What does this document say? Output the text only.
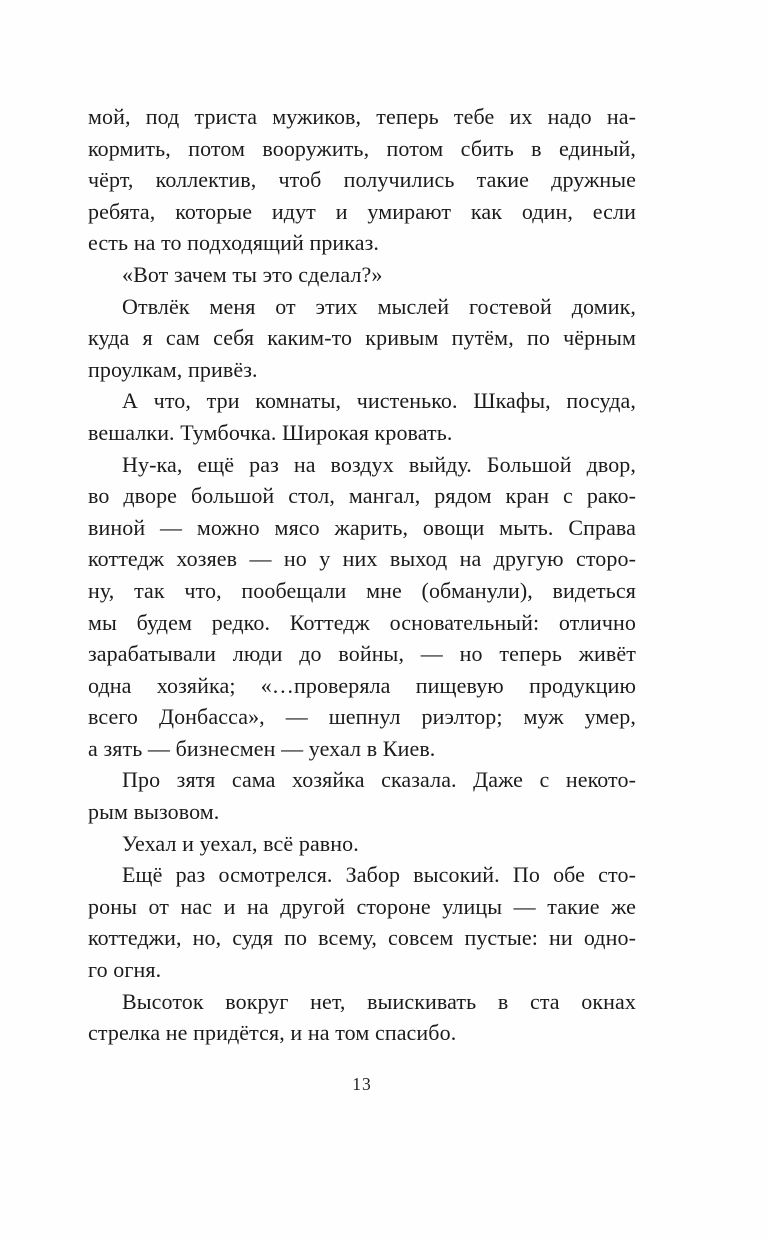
мой, под триста мужиков, теперь тебе их надо на-
кормить, потом вооружить, потом сбить в единый,
чёрт, коллектив, чтоб получились такие дружные
ребята, которые идут и умирают как один, если
есть на то подходящий приказ.
«Вот зачем ты это сделал?»
Отвлёк меня от этих мыслей гостевой домик,
куда я сам себя каким-то кривым путём, по чёрным
проулкам, привёз.
А что, три комнаты, чистенько. Шкафы, посуда,
вешалки. Тумбочка. Широкая кровать.
Ну-ка, ещё раз на воздух выйду. Большой двор,
во дворе большой стол, мангал, рядом кран с рако-
виной — можно мясо жарить, овощи мыть. Справа
коттедж хозяев — но у них выход на другую сторо-
ну, так что, пообещали мне (обманули), видеться
мы будем редко. Коттедж основательный: отлично
зарабатывали люди до войны, — но теперь живёт
одна хозяйка; «…проверяла пищевую продукцию
всего Донбасса», — шепнул риэлтор; муж умер,
а зять — бизнесмен — уехал в Киев.
Про зятя сама хозяйка сказала. Даже с некото-
рым вызовом.
Уехал и уехал, всё равно.
Ещё раз осмотрелся. Забор высокий. По обе сто-
роны от нас и на другой стороне улицы — такие же
коттеджи, но, судя по всему, совсем пустые: ни одно-
го огня.
Высоток вокруг нет, выискивать в ста окнах
стрелка не придётся, и на том спасибо.
13
